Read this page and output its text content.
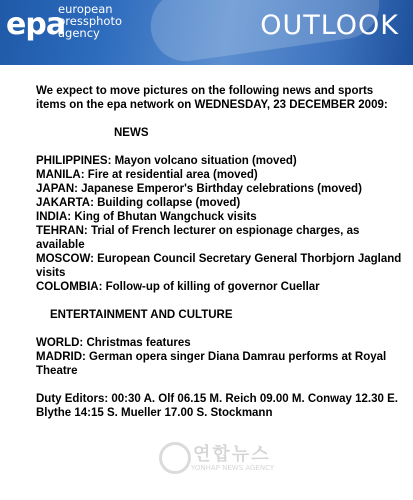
epa
european pressphoto agency	OUTLOOK

We expect to move pictures on the following news and sports items on the epa network on WEDNESDAY, 23 DECEMBER 2009:

NEWS

PHILIPPINES: Mayon volcano situation (moved)

MANILA: Fire at residential area (moved)

JAPAN: Japanese Emperor's Birthday celebrations (moved)

JAKARTA: Building collapse (moved)

INDIA: King of Bhutan Wangchuck visits

TEHRAN: Trial of French lecturer on espionage charges, as available

MOSCOW: European Council Secretary General Thorbjorn Jagland visits

COLOMBIA: Follow-up of killing of governor Cuellar

ENTERTAINMENT AND CULTURE

WORLD: Christmas features

MADRID: German opera singer Diana Damrau performs at Royal Theatre

Duty Editors: 00:30 A. Olf 06.15 M. Reich 09.00 M. Conway 12.30 E. Blythe 14:15 S. Mueller 17.00 S. Stockmann

연합뉴스
YONHAP NEWS AGENCY
